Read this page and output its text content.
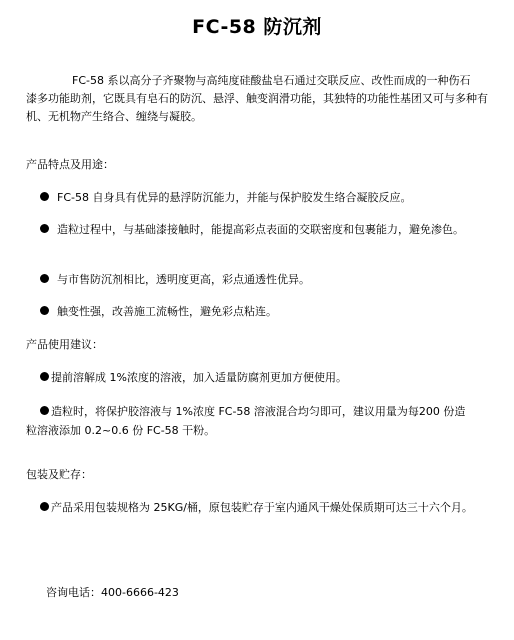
FC-58 防沉剂
FC-58 系以高分子齐聚物与高纯度硅酸盐皂石通过交联反应、改性而成的一种伤石
漆多功能助剂，它既具有皂石的防沉、悬浮、触变润滑功能，其独特的功能性基团又可与多种有机、无机物产生络合、缠绕与凝胶。
产品特点及用途：
FC-58 自身具有优异的悬浮防沉能力，并能与保护胶发生络合凝胶反应。
造粒过程中，与基础漆接触时，能提高彩点表面的交联密度和包裹能力，避免渗色。
与市售防沉剂相比，透明度更高，彩点通透性优异。
触变性强，改善施工流畅性，避免彩点粘连。
产品使用建议：
提前溶解成 1%浓度的溶液，加入适量防腐剂更加方便使用。
造粒时，将保护胶溶液与 1%浓度 FC-58 溶液混合均匀即可，建议用量为每200 份造粒溶液添加 0.2~0.6 份 FC-58 干粉。
包装及贮存：
产品采用包装规格为 25KG/桶，原包装贮存于室内通风干燥处保质期可达三十六个月。
咨询电话：400-6666-423
